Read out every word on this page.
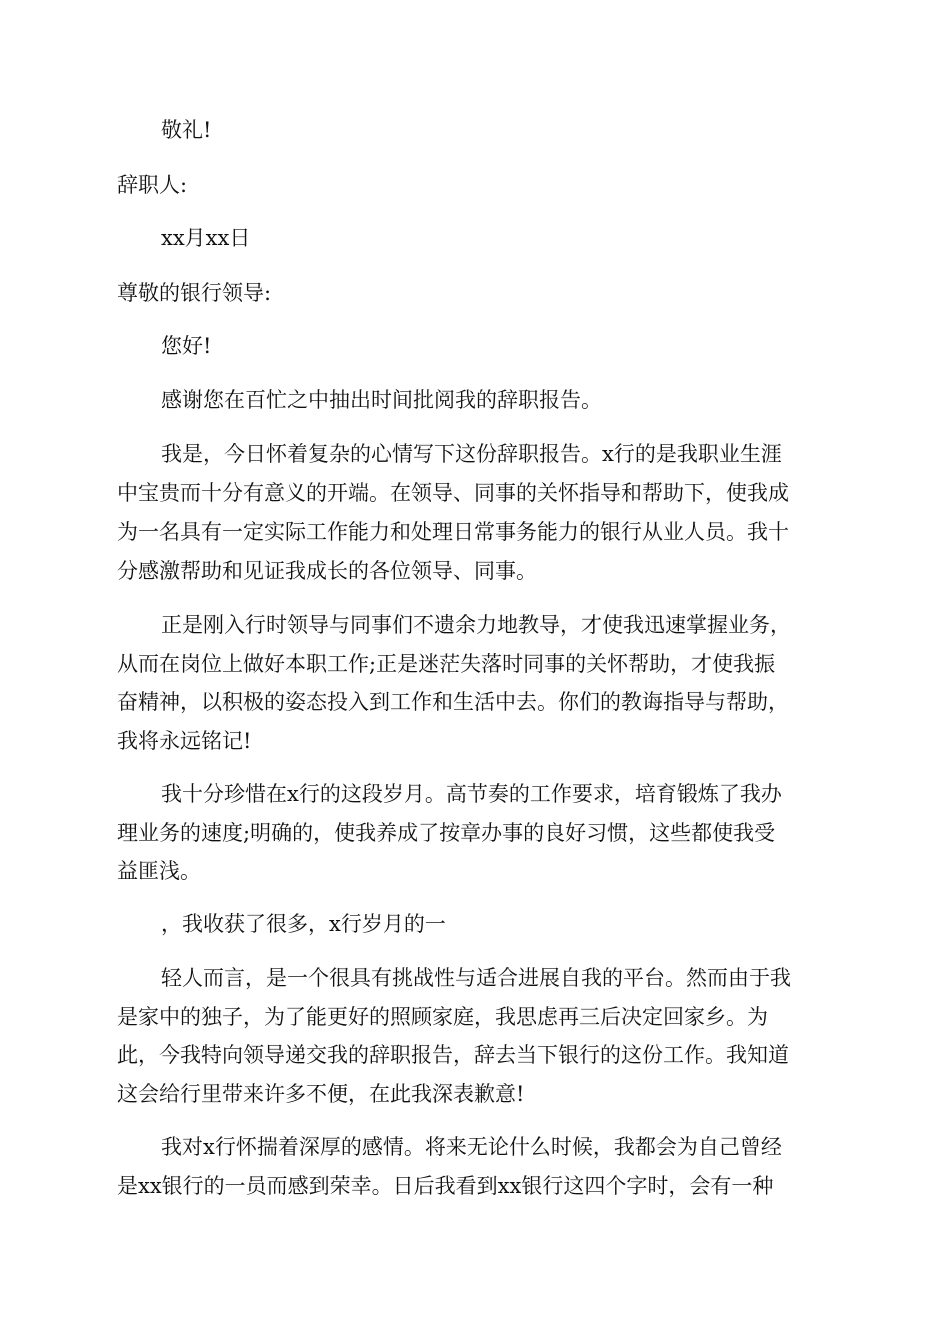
敬礼!
辞职人:
xx月xx日
尊敬的银行领导:
您好!
感谢您在百忙之中抽出时间批阅我的辞职报告。
我是，今日怀着复杂的心情写下这份辞职报告。x行的是我职业生涯
中宝贵而十分有意义的开端。在领导、同事的关怀指导和帮助下，使我成
为一名具有一定实际工作能力和处理日常事务能力的银行从业人员。我十
分感激帮助和见证我成长的各位领导、同事。
正是刚入行时领导与同事们不遗余力地教导，才使我迅速掌握业务，
从而在岗位上做好本职工作;正是迷茫失落时同事的关怀帮助，才使我振
奋精神，以积极的姿态投入到工作和生活中去。你们的教诲指导与帮助，
我将永远铭记!
我十分珍惜在x行的这段岁月。高节奏的工作要求，培育锻炼了我办
理业务的速度;明确的，使我养成了按章办事的良好习惯，这些都使我受
益匪浅。
，我收获了很多，x行岁月的一
轻人而言，是一个很具有挑战性与适合进展自我的平台。然而由于我
是家中的独子，为了能更好的照顾家庭，我思虑再三后决定回家乡。为
此，今我特向领导递交我的辞职报告，辞去当下银行的这份工作。我知道
这会给行里带来许多不便，在此我深表歉意!
我对x行怀揣着深厚的感情。将来无论什么时候，我都会为自己曾经
是xx银行的一员而感到荣幸。日后我看到xx银行这四个字时，会有一种
